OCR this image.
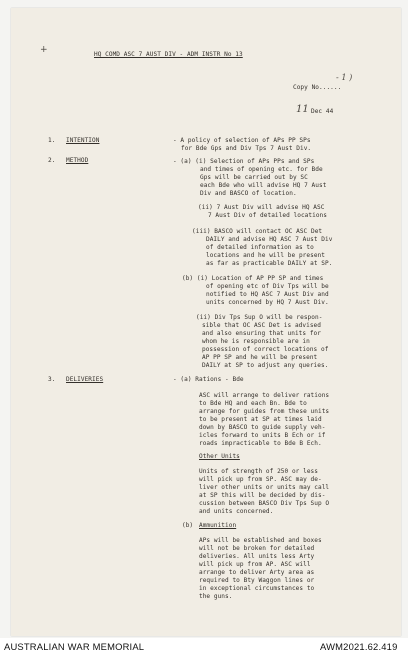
+	HQ COMD ASC 7 AUST DIV - ADM INSTR No 13
- 1 )
Copy No......
11 Dec 44
1. INTENTION	- A policy of selection of APs PP SPs
for Bde Gps and Div Tps 7 Aust Div.
2. METHOD	- (a) (i) Selection of APs PPs and SPs
and times of opening etc. for Bde
Gps will be carried out by SC
each Bde who will advise HQ 7 Aust
Div and BASCO of location.
(ii) 7 Aust Div will advise HQ ASC
7 Aust Div of detailed locations
(iii) BASCO will contact OC ASC Det
DAILY and advise HQ ASC 7 Aust Div
of detailed information as to
locations and he will be present
as far as practicable DAILY at SP.
(b) (i) Location of AP PP SP and times
of opening etc of Div Tps will be
notified to HQ ASC 7 Aust Div and
units concerned by HQ 7 Aust Div.
(ii) Div Tps Sup O will be respon-
sible that OC ASC Det is advised
and also ensuring that units for
whom he is responsible are in
possession of correct locations of
AP PP SP and he will be present
DAILY at SP to adjust any queries.
3. DELIVERIES	- (a) Rations - Bde
ASC will arrange to deliver rations
to Bde HQ and each Bn. Bde to
arrange for guides from these units
to be present at SP at times laid
down by BASCO to guide supply veh-
icles forward to units B Ech or if
roads impracticable to Bde B Ech.
Other Units
Units of strength of 250 or less
will pick up from SP. ASC may de-
liver other units or units may call
at SP this will be decided by dis-
cussion between BASCO Div Tps Sup O
and units concerned.
(b) Ammunition
APs will be established and boxes
will not be broken for detailed
deliveries. All units less Arty
will pick up from AP. ASC will
arrange to deliver Arty area as
required to Bty Waggon lines or
in exceptional circumstances to
the guns.
AUSTRALIAN WAR MEMORIAL	AWM2021.62.419
